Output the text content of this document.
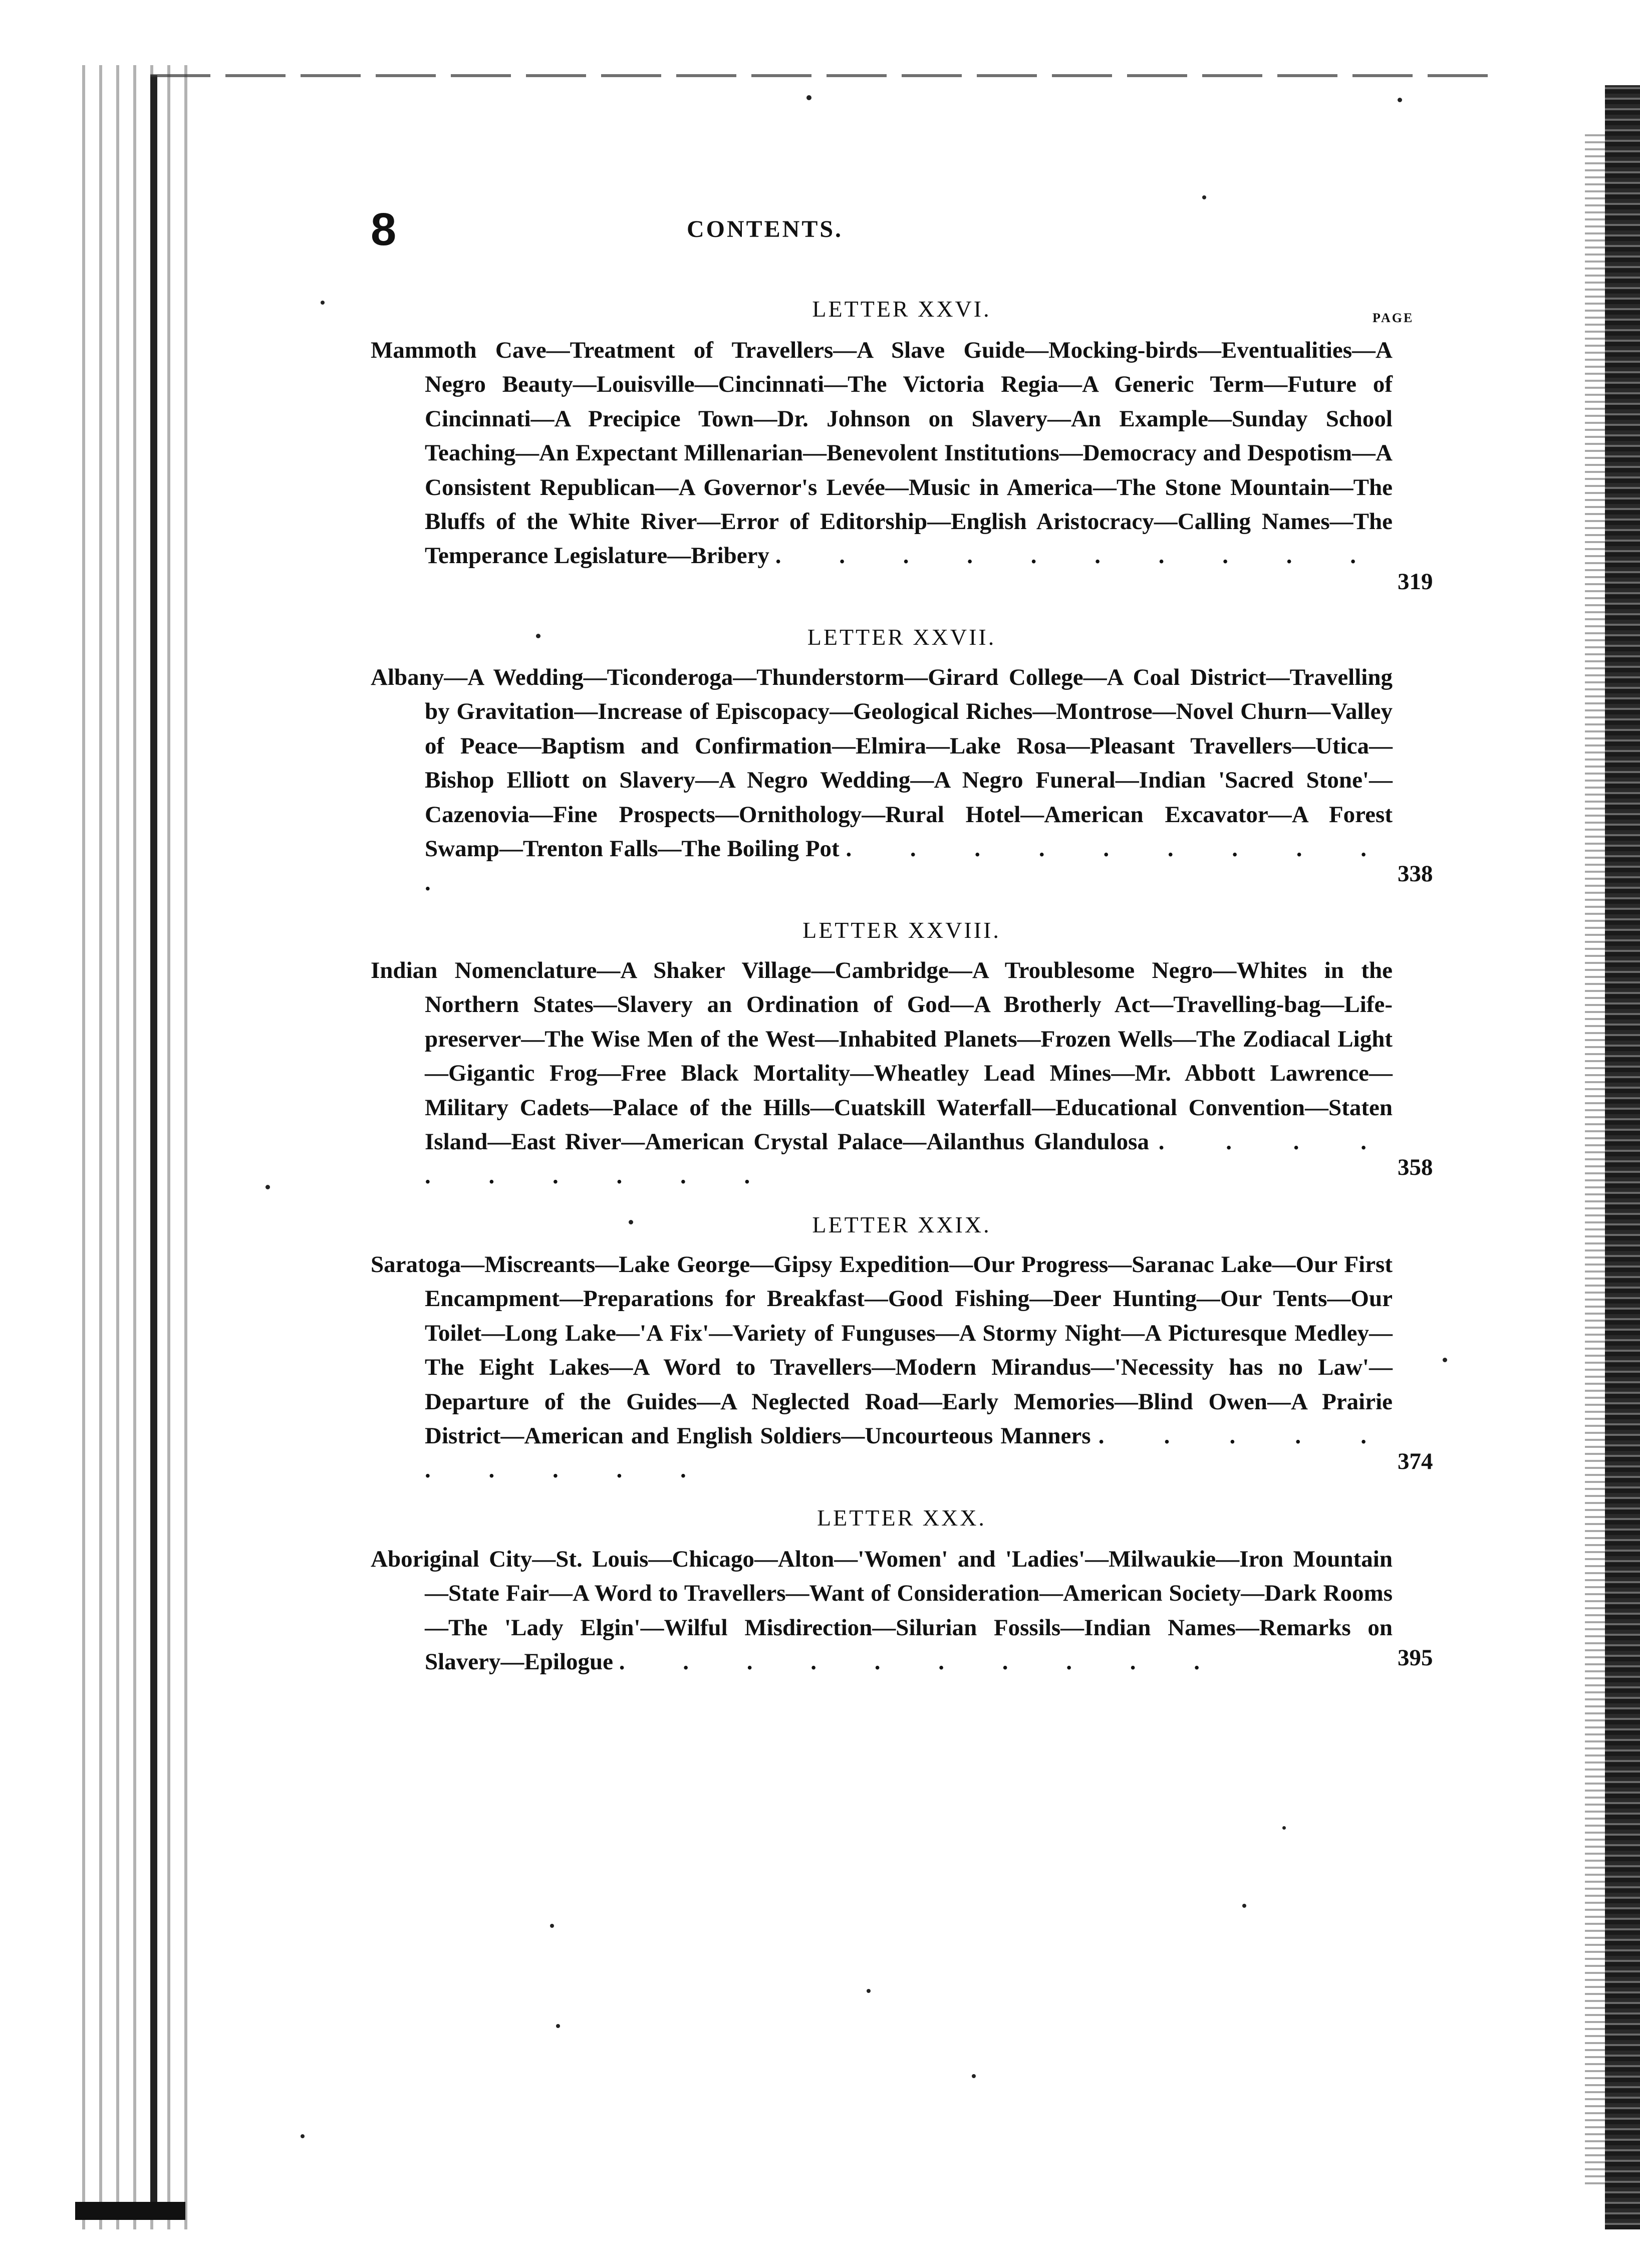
8	CONTENTS.
PAGE
LETTER XXVI.
Mammoth Cave—Treatment of Travellers—A Slave Guide—Mocking-birds—Eventualities—A Negro Beauty—Louisville—Cincinnati—The Victoria Regia—A Generic Term—Future of Cincinnati—A Precipice Town—Dr. Johnson on Slavery—An Example—Sunday School Teaching—An Expectant Millenarian—Benevolent Institutions—Democracy and Despotism—A Consistent Republican—A Governor's Levée—Music in America—The Stone Mountain—The Bluffs of the White River—Error of Editorship—English Aristocracy—Calling Names—The Temperance Legislature—Bribery . . . . . . . . . .
319
LETTER XXVII.
Albany—A Wedding—Ticonderoga—Thunderstorm—Girard College—A Coal District—Travelling by Gravitation—Increase of Episcopacy—Geological Riches—Montrose—Novel Churn—Valley of Peace—Baptism and Confirmation—Elmira—Lake Rosa—Pleasant Travellers—Utica—Bishop Elliott on Slavery—A Negro Wedding—A Negro Funeral—Indian 'Sacred Stone'—Cazenovia—Fine Prospects—Ornithology—Rural Hotel—American Excavator—A Forest Swamp—Trenton Falls—The Boiling Pot . . . . . . . . . .	338
LETTER XXVIII.
Indian Nomenclature—A Shaker Village—Cambridge—A Troublesome Negro—Whites in the Northern States—Slavery an Ordination of God—A Brotherly Act—Travelling-bag—Life-preserver—The Wise Men of the West—Inhabited Planets—Frozen Wells—The Zodiacal Light—Gigantic Frog—Free Black Mortality—Wheatley Lead Mines—Mr. Abbott Lawrence—Military Cadets—Palace of the Hills—Cuatskill Waterfall—Educational Convention—Staten Island—East River—American Crystal Palace—Ailanthus Glandulosa . . . . . . . . . .	358
LETTER XXIX.
Saratoga—Miscreants—Lake George—Gipsy Expedition—Our Progress—Saranac Lake—Our First Encampment—Preparations for Breakfast—Good Fishing—Deer Hunting—Our Tents—Our Toilet—Long Lake—'A Fix'—Variety of Funguses—A Stormy Night—A Picturesque Medley—The Eight Lakes—A Word to Travellers—Modern Mirandus—'Necessity has no Law'—Departure of the Guides—A Neglected Road—Early Memories—Blind Owen—A Prairie District—American and English Soldiers—Uncourteous Manners . . . . . . . . . .	374
LETTER XXX.
Aboriginal City—St. Louis—Chicago—Alton—'Women' and 'Ladies'—Milwaukie—Iron Mountain—State Fair—A Word to Travellers—Want of Consideration—American Society—Dark Rooms—The 'Lady Elgin'—Wilful Misdirection—Silurian Fossils—Indian Names—Remarks on Slavery—Epilogue . . . . . . . . . .	395
